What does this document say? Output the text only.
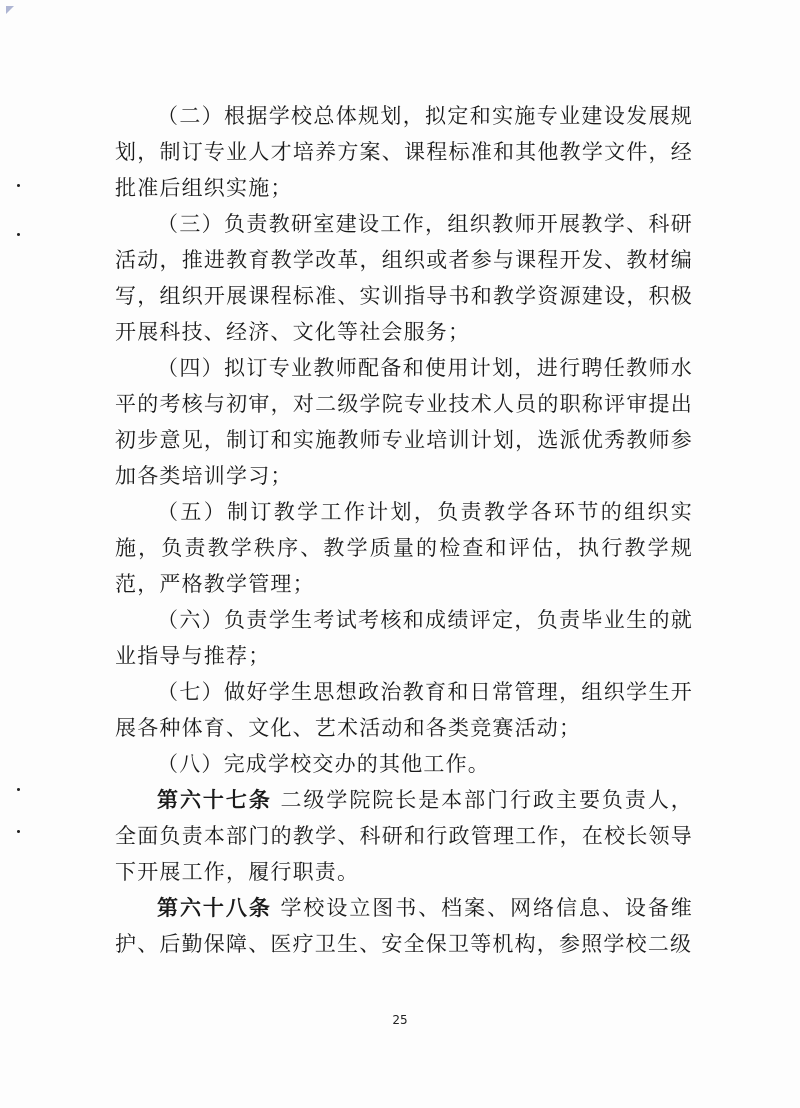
（二）根据学校总体规划，拟定和实施专业建设发展规划，制订专业人才培养方案、课程标准和其他教学文件，经批准后组织实施；

（三）负责教研室建设工作，组织教师开展教学、科研活动，推进教育教学改革，组织或者参与课程开发、教材编写，组织开展课程标准、实训指导书和教学资源建设，积极开展科技、经济、文化等社会服务；

（四）拟订专业教师配备和使用计划，进行聘任教师水平的考核与初审，对二级学院专业技术人员的职称评审提出初步意见，制订和实施教师专业培训计划，选派优秀教师参加各类培训学习；

（五）制订教学工作计划，负责教学各环节的组织实施，负责教学秩序、教学质量的检查和评估，执行教学规范，严格教学管理；

（六）负责学生考试考核和成绩评定，负责毕业生的就业指导与推荐；

（七）做好学生思想政治教育和日常管理，组织学生开展各种体育、文化、艺术活动和各类竞赛活动；

（八）完成学校交办的其他工作。

第六十七条 二级学院院长是本部门行政主要负责人，全面负责本部门的教学、科研和行政管理工作，在校长领导下开展工作，履行职责。

第六十八条 学校设立图书、档案、网络信息、设备维护、后勤保障、医疗卫生、安全保卫等机构，参照学校二级

25
